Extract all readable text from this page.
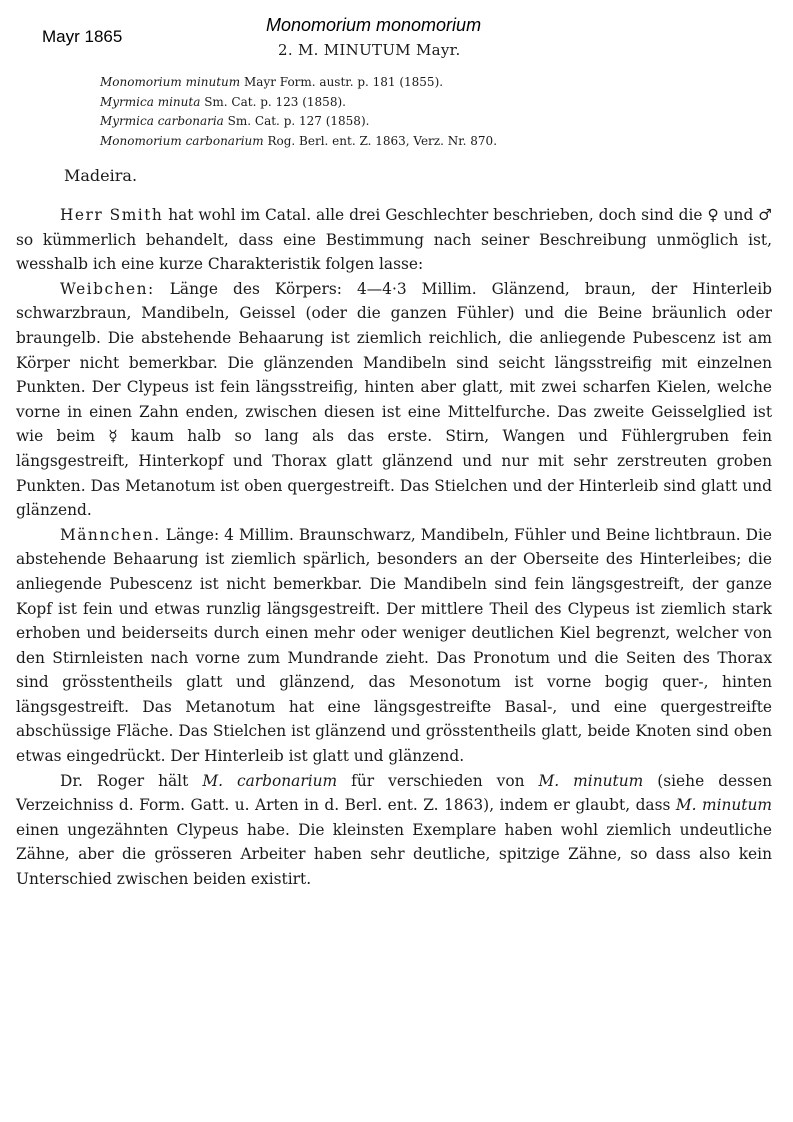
Mayr 1865
Monomorium monomorium
2. M. MINUTUM Mayr.
Monomorium minutum Mayr Form. austr. p. 181 (1855).
Myrmica minuta Sm. Cat. p. 123 (1858).
Myrmica carbonaria Sm. Cat. p. 127 (1858).
Monomorium carbonarium Rog. Berl. ent. Z. 1863, Verz. Nr. 870.
Madeira.

Herr Smith hat wohl im Catal. alle drei Geschlechter beschrieben, doch sind die ♀ und ♂ so kümmerlich behandelt, dass eine Bestimmung nach seiner Beschreibung unmöglich ist, wesshalb ich eine kurze Charakteristik folgen lasse:

Weibchen: Länge des Körpers: 4—4·3 Millim. Glänzend, braun, der Hinterleib schwarzbraun, Mandibeln, Geissel (oder die ganzen Fühler) und die Beine bräunlich oder braungelb. Die abstehende Behaarung ist ziemlich reichlich, die anliegende Pubescenz ist am Körper nicht bemerkbar. Die glänzenden Mandibeln sind seicht längsstreifig mit einzelnen Punkten. Der Clypeus ist fein längsstreifig, hinten aber glatt, mit zwei scharfen Kielen, welche vorne in einen Zahn enden, zwischen diesen ist eine Mittelfurche. Das zweite Geisselglied ist wie beim ☿ kaum halb so lang als das erste. Stirn, Wangen und Fühlergruben fein längsgestreift, Hinterkopf und Thorax glatt glänzend und nur mit sehr zerstreuten groben Punkten. Das Metanotum ist oben quergestreift. Das Stielchen und der Hinterleib sind glatt und glänzend.

Männchen. Länge: 4 Millim. Braunschwarz, Mandibeln, Fühler und Beine lichtbraun. Die abstehende Behaarung ist ziemlich spärlich, besonders an der Oberseite des Hinterleibes; die anliegende Pubescenz ist nicht bemerkbar. Die Mandibeln sind fein längsgestreift, der ganze Kopf ist fein und etwas runzlig längsgestreift. Der mittlere Theil des Clypeus ist ziemlich stark erhoben und beiderseits durch einen mehr oder weniger deutlichen Kiel begrenzt, welcher von den Stirnleisten nach vorne zum Mundrande zieht. Das Pronotum und die Seiten des Thorax sind grösstentheils glatt und glänzend, das Mesonotum ist vorne bogig quer-, hinten längsgestreift. Das Metanotum hat eine längsgestreifte Basal-, und eine quergestreifte abschüssige Fläche. Das Stielchen ist glänzend und grösstentheils glatt, beide Knoten sind oben etwas eingedrückt. Der Hinterleib ist glatt und glänzend.

Dr. Roger hält M. carbonarium für verschieden von M. minutum (siehe dessen Verzeichniss d. Form. Gatt. u. Arten in d. Berl. ent. Z. 1863), indem er glaubt, dass M. minutum einen ungezähnten Clypeus habe. Die kleinsten Exemplare haben wohl ziemlich undeutliche Zähne, aber die grösseren Arbeiter haben sehr deutliche, spitzige Zähne, so dass also kein Unterschied zwischen beiden existirt.
